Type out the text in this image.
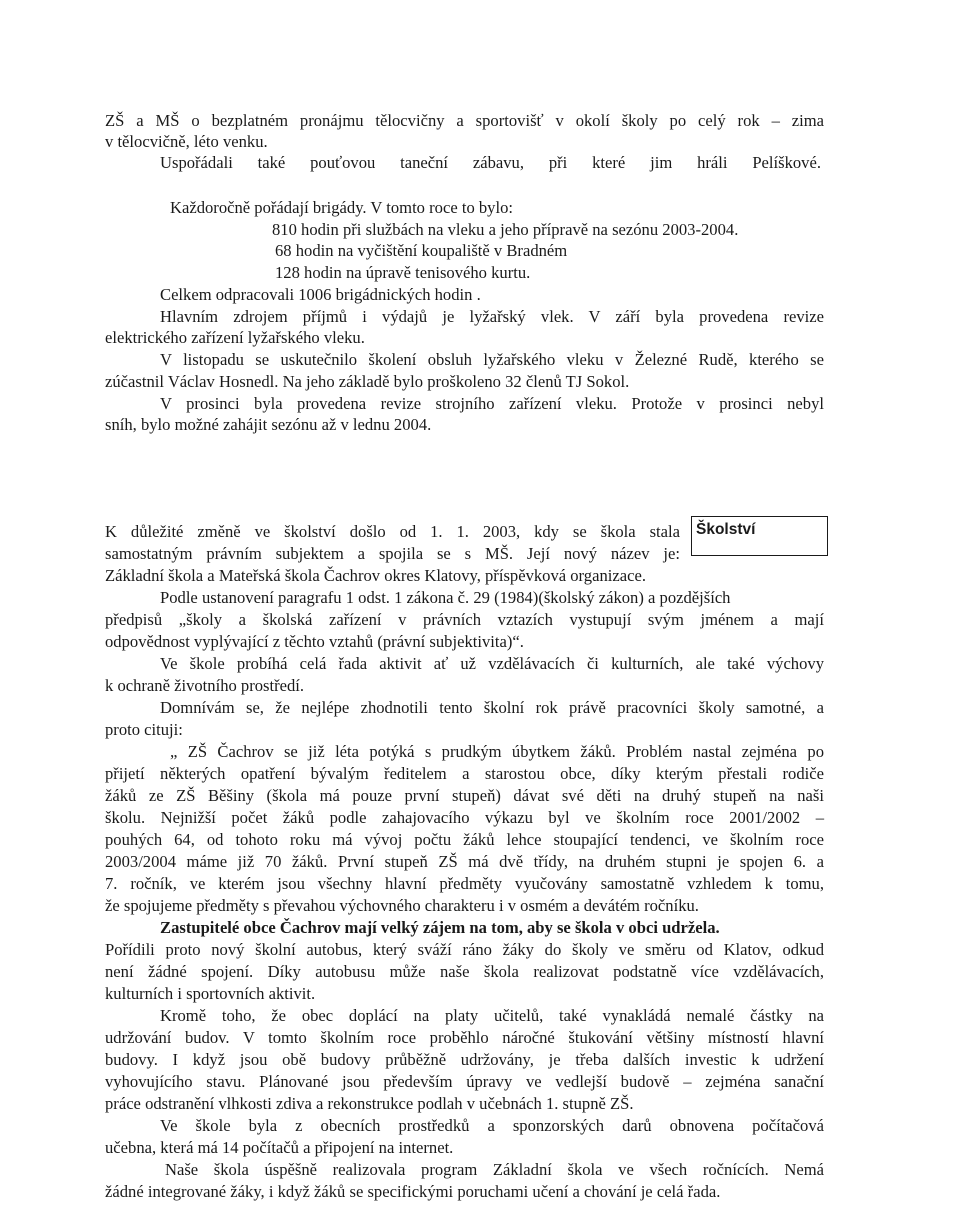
ZŠ a MŠ o bezplatném pronájmu tělocvičny a sportovišť v okolí školy po celý rok – zima
v tělocvičně, léto venku.
Uspořádali také pouťovou taneční zábavu, při které jim hráli Pelíškové.
Každoročně pořádají brigády. V tomto roce to bylo:
810 hodin při službách na vleku a jeho přípravě na sezónu 2003-2004.
68 hodin na vyčištění koupaliště v Bradném
128 hodin na úpravě tenisového kurtu.
Celkem odpracovali 1006 brigádnických hodin .
Hlavním zdrojem příjmů i výdajů je lyžařský vlek. V září byla provedena revize
elektrického zařízení lyžařského vleku.
V listopadu se uskutečnilo školení obsluh lyžařského vleku v Železné Rudě, kterého se
zúčastnil Václav Hosnedl. Na jeho základě bylo proškoleno 32 členů TJ Sokol.
V prosinci byla provedena revize strojního zařízení vleku. Protože v prosinci nebyl
sníh, bylo možné zahájit sezónu až v lednu 2004.
Školství
K důležité změně ve školství došlo od 1. 1. 2003, kdy se škola stala
samostatným právním subjektem a spojila se s MŠ. Její nový název je:
Základní škola a Mateřská škola Čachrov okres Klatovy, příspěvková organizace.
Podle ustanovení paragrafu 1 odst. 1 zákona č. 29 (1984)(školský zákon) a pozdějších
předpisů „školy a školská zařízení v právních vztazích vystupují svým jménem a mají
odpovědnost vyplývající z těchto vztahů (právní subjektivita)“.
Ve škole probíhá celá řada aktivit ať už vzdělávacích či kulturních, ale také výchovy
k ochraně životního prostředí.
Domnívám se, že nejlépe zhodnotili tento školní rok právě pracovníci školy samotné, a
proto cituji:
„ ZŠ Čachrov se již léta potýká s prudkým úbytkem žáků. Problém nastal zejména po
přijetí některých opatření bývalým ředitelem a starostou obce, díky kterým přestali rodiče
žáků ze ZŠ Běšiny (škola má pouze první stupeň) dávat své děti na druhý stupeň na naši
školu. Nejnižší počet žáků podle zahajovacího výkazu byl ve školním roce 2001/2002 –
pouhých 64, od tohoto roku má vývoj počtu žáků lehce stoupající tendenci, ve školním roce
2003/2004 máme již 70 žáků. První stupeň ZŠ má dvě třídy, na druhém stupni je spojen 6. a
7. ročník, ve kterém jsou všechny hlavní předměty vyučovány samostatně vzhledem k tomu,
že spojujeme předměty s převahou výchovného charakteru i v osmém a devátém ročníku.
Zastupitelé obce Čachrov mají velký zájem na tom, aby se škola v obci udržela.
Pořídili proto nový školní autobus, který sváží ráno žáky do školy ve směru od Klatov, odkud
není žádné spojení. Díky autobusu může naše škola realizovat podstatně více vzdělávacích,
kulturních i sportovních aktivit.
Kromě toho, že obec doplácí na platy učitelů, také vynakládá nemalé částky na
udržování budov. V tomto školním roce proběhlo náročné štukování většiny místností hlavní
budovy. I když jsou obě budovy průběžně udržovány, je třeba dalších investic k udržení
vyhovujícího stavu. Plánované jsou především úpravy ve vedlejší budově – zejména sanační
práce odstranění vlhkosti zdiva a rekonstrukce podlah v učebnách 1. stupně ZŠ.
Ve škole byla z obecních prostředků a sponzorských darů obnovena počítačová
učebna, která má 14 počítačů a připojení na internet.
Naše škola úspěšně realizovala program Základní škola ve všech ročnících. Nemá
žádné integrované žáky, i když žáků se specifickými poruchami učení a chování je celá řada.
